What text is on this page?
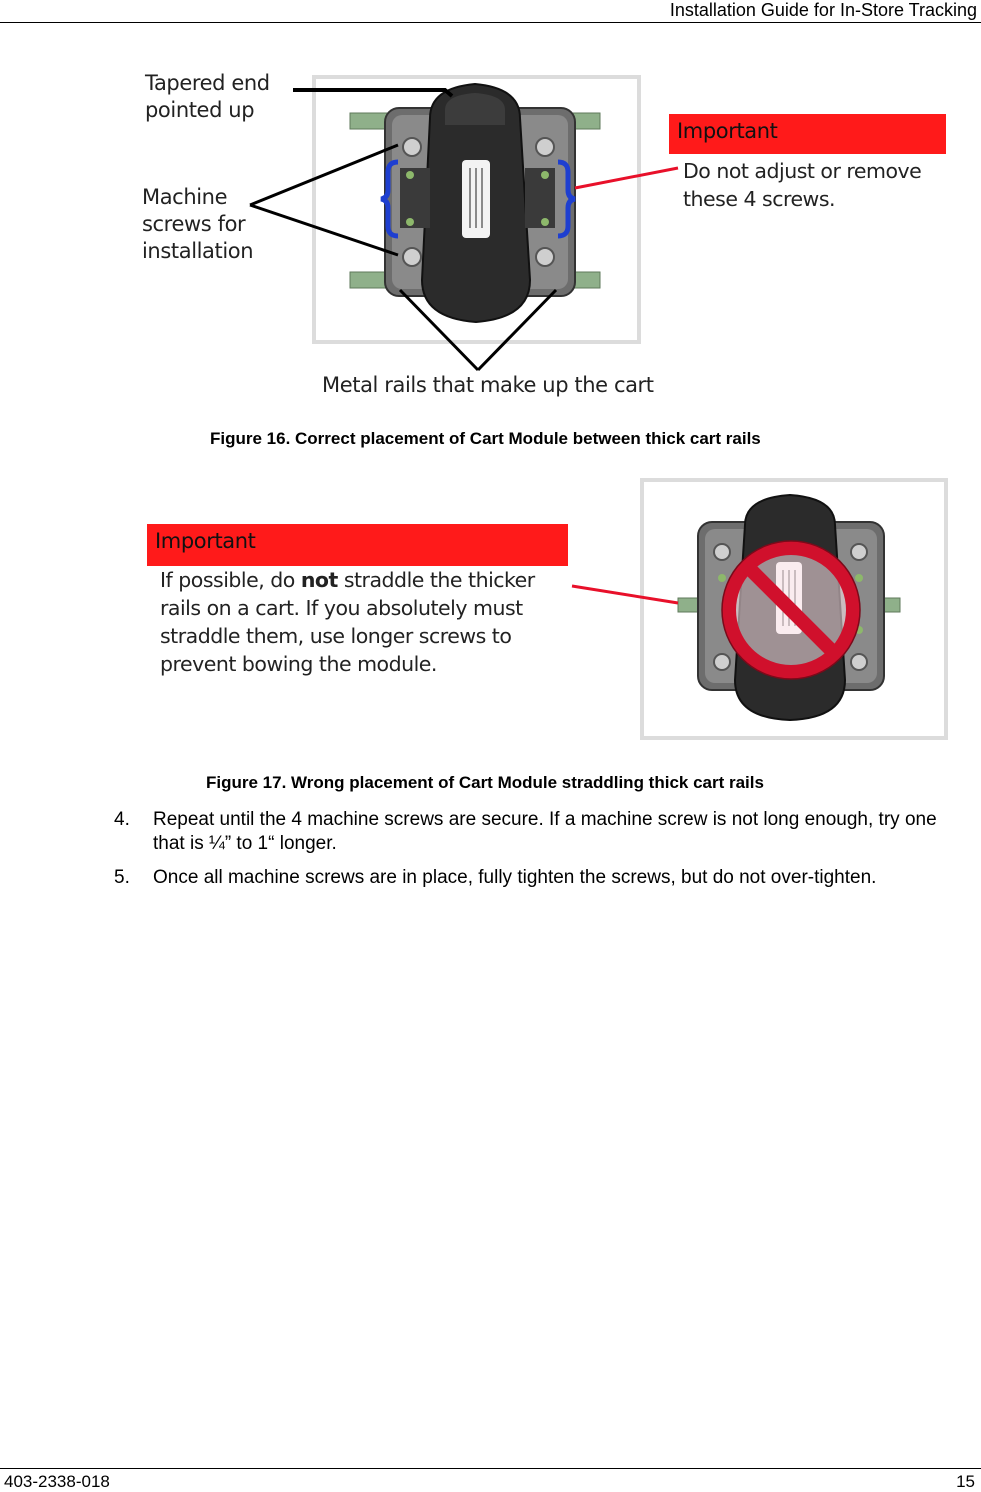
Installation Guide for In-Store Tracking
Tapered end
pointed up
Machine
screws for
installation
Metal rails that make up the cart
Important
Do not adjust or remove
these 4 screws.
Figure 16. Correct placement of Cart Module between thick cart rails
Important
If possible, do not straddle the thicker
rails on a cart. If you absolutely must
straddle them, use longer screws to
prevent bowing the module.
Figure 17. Wrong placement of Cart Module straddling thick cart rails
4. Repeat until the 4 machine screws are secure. If a machine screw is not long enough, try one that is ¼” to 1“ longer.
5. Once all machine screws are in place, fully tighten the screws, but do not over-tighten.
403-2338-018	15
